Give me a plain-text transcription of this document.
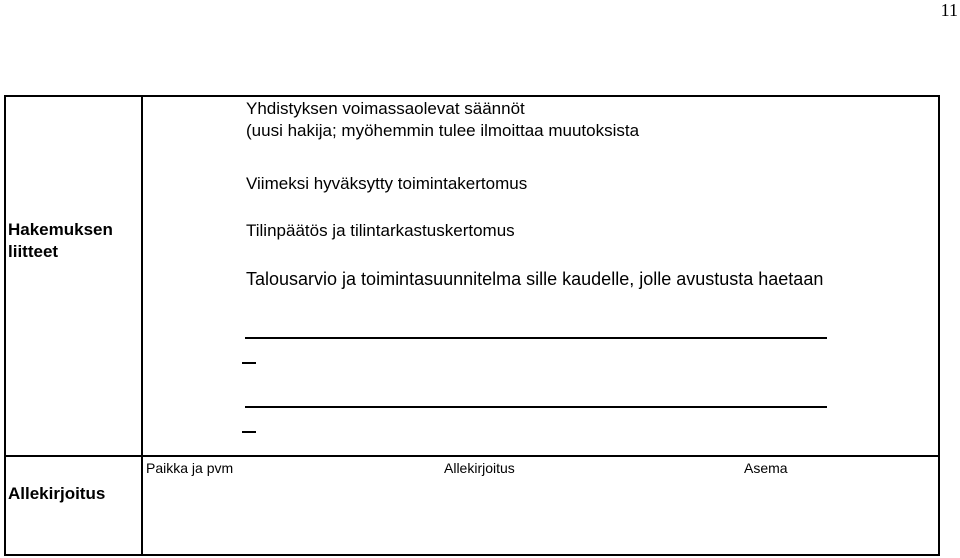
11
Hakemuksen liitteet
Allekirjoitus
Yhdistyksen voimassaolevat säännöt
(uusi hakija; myöhemmin tulee ilmoittaa muutoksista
Viimeksi hyväksytty toimintakertomus
Tilinpäätös ja tilintarkastuskertomus
Talousarvio ja toimintasuunnitelma sille kaudelle, jolle avustusta haetaan
Paikka ja pvm	Allekirjoitus	Asema
